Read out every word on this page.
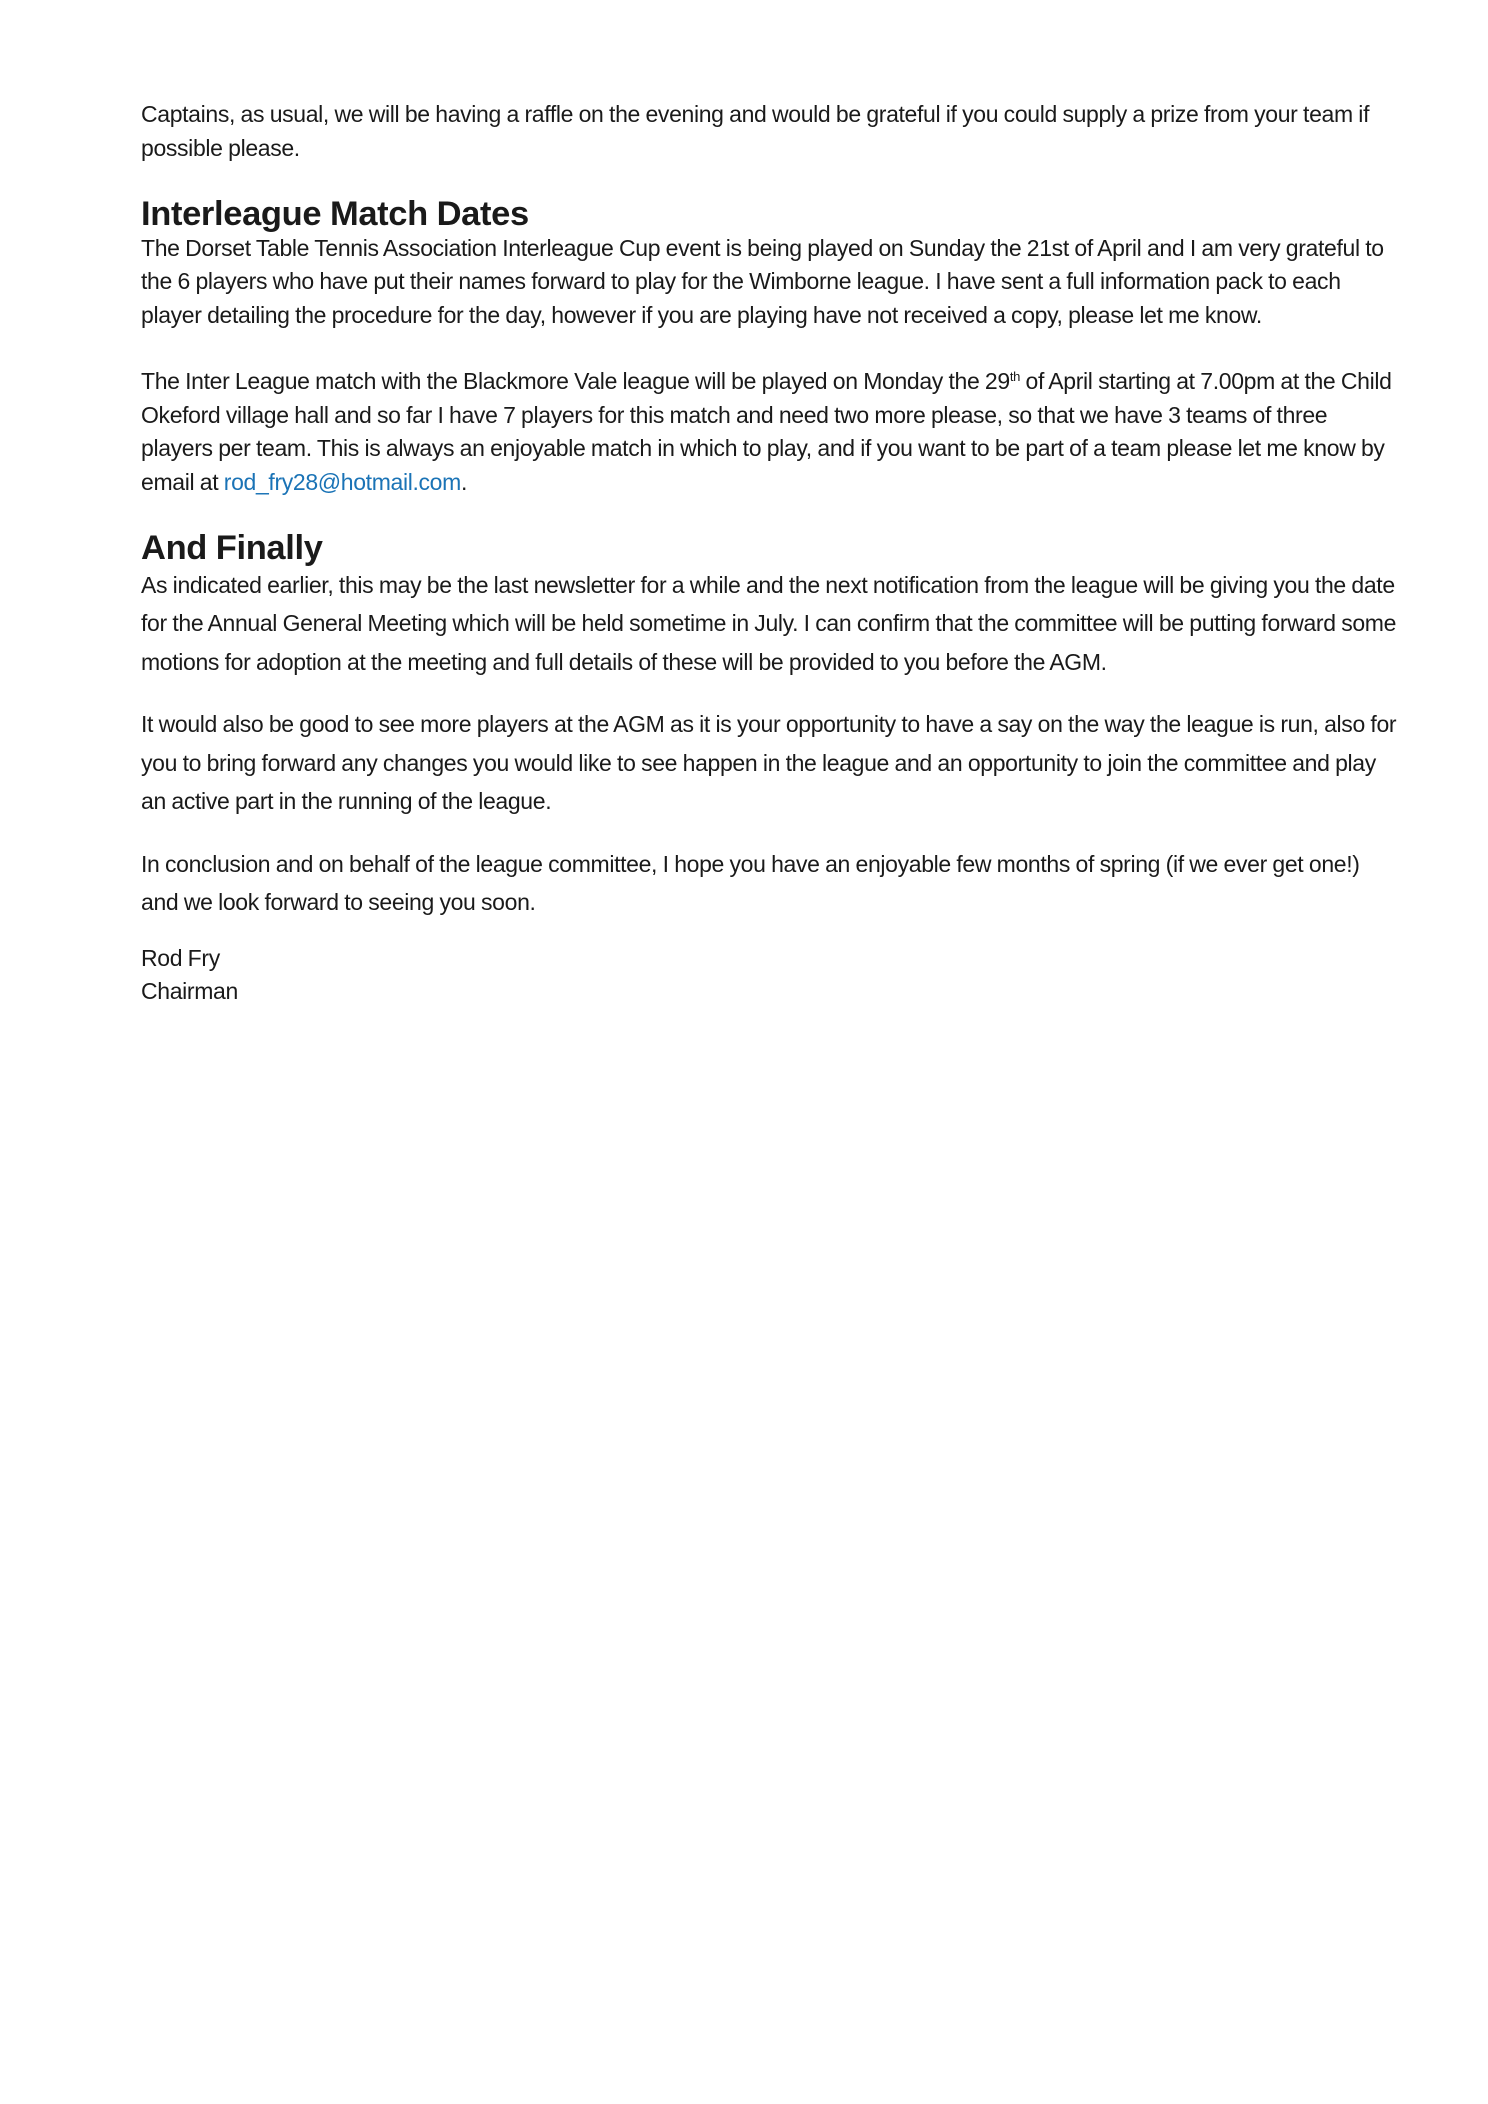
Captains, as usual, we will be having a raffle on the evening and would be grateful if you could supply a prize from your team if possible please.

Interleague Match Dates

The Dorset Table Tennis Association Interleague Cup event is being played on Sunday the 21st of April and I am very grateful to the 6 players who have put their names forward to play for the Wimborne league. I have sent a full information pack to each player detailing the procedure for the day, however if you are playing have not received a copy, please let me know.

The Inter League match with the Blackmore Vale league will be played on Monday the 29th of April starting at 7.00pm at the Child Okeford village hall and so far I have 7 players for this match and need two more please, so that we have 3 teams of three players per team. This is always an enjoyable match in which to play, and if you want to be part of a team please let me know by email at rod_fry28@hotmail.com.

And Finally

As indicated earlier, this may be the last newsletter for a while and the next notification from the league will be giving you the date for the Annual General Meeting which will be held sometime in July. I can confirm that the committee will be putting forward some motions for adoption at the meeting and full details of these will be provided to you before the AGM.

It would also be good to see more players at the AGM as it is your opportunity to have a say on the way the league is run, also for you to bring forward any changes you would like to see happen in the league and an opportunity to join the committee and play an active part in the running of the league.

In conclusion and on behalf of the league committee, I hope you have an enjoyable few months of spring (if we ever get one!) and we look forward to seeing you soon.

Rod Fry

Chairman
